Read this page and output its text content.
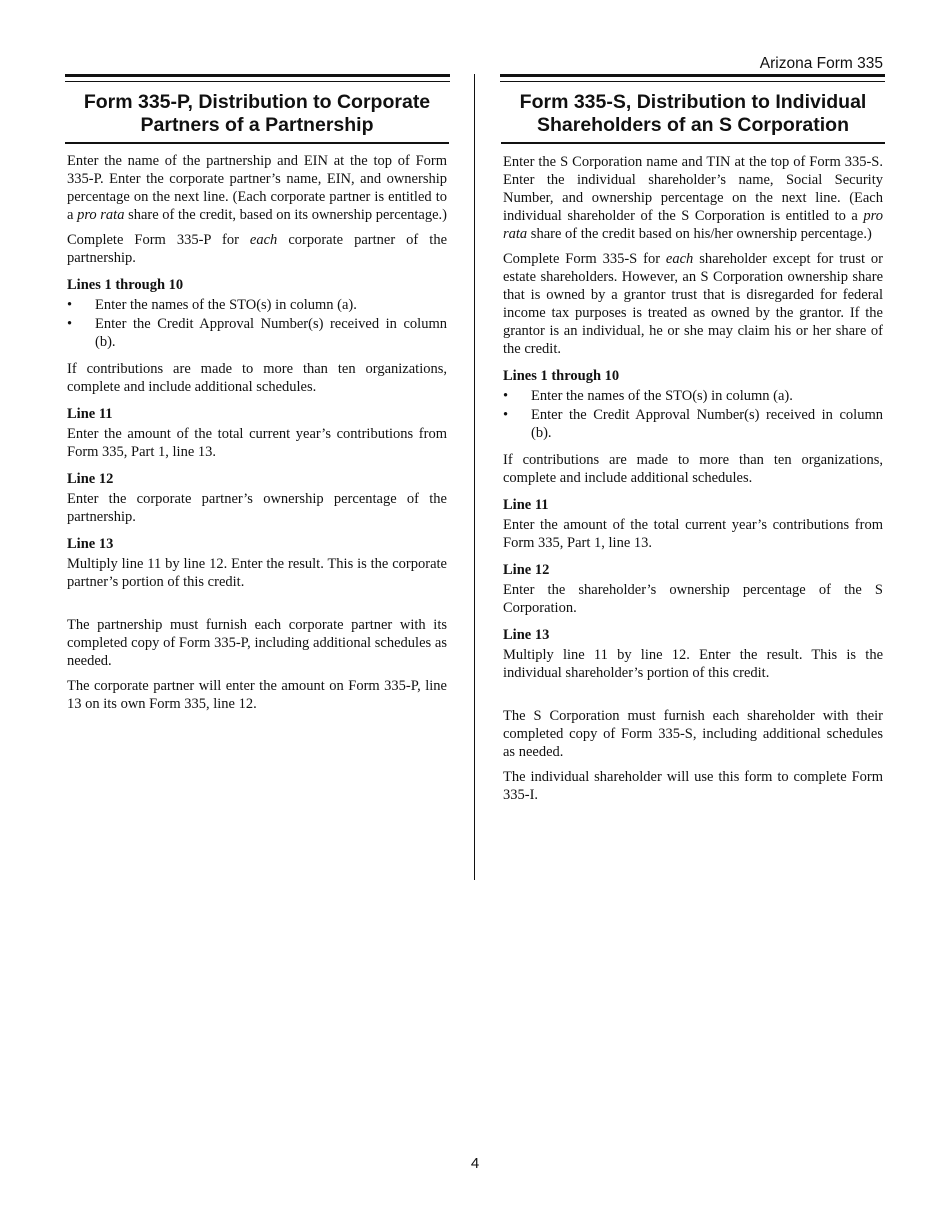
Arizona Form 335
Form 335-P, Distribution to Corporate
Partners of a Partnership

Enter the name of the partnership and EIN at the top of Form 335-P. Enter the corporate partner’s name, EIN, and ownership percentage on the next line. (Each corporate partner is entitled to a pro rata share of the credit, based on its ownership percentage.)

Complete Form 335-P for each corporate partner of the partnership.

Lines 1 through 10
•	Enter the names of the STO(s) in column (a).
•	Enter the Credit Approval Number(s) received in column (b).

If contributions are made to more than ten organizations, complete and include additional schedules.

Line 11

Enter the amount of the total current year’s contributions from Form 335, Part 1, line 13.

Line 12

Enter the corporate partner’s ownership percentage of the partnership.

Line 13

Multiply line 11 by line 12. Enter the result. This is the corporate partner’s portion of this credit.

The partnership must furnish each corporate partner with its completed copy of Form 335-P, including additional schedules as needed.

The corporate partner will enter the amount on Form 335-P, line 13 on its own Form 335, line 12.

Form 335-S, Distribution to Individual
Shareholders of an S Corporation

Enter the S Corporation name and TIN at the top of Form 335-S. Enter the individual shareholder’s name, Social Security Number, and ownership percentage on the next line. (Each individual shareholder of the S Corporation is entitled to a pro rata share of the credit based on his/her ownership percentage.)

Complete Form 335-S for each shareholder except for trust or estate shareholders. However, an S Corporation ownership share that is owned by a grantor trust that is disregarded for federal income tax purposes is treated as owned by the grantor. If the grantor is an individual, he or she may claim his or her share of the credit.

Lines 1 through 10
•	Enter the names of the STO(s) in column (a).
•	Enter the Credit Approval Number(s) received in column (b).

If contributions are made to more than ten organizations, complete and include additional schedules.

Line 11

Enter the amount of the total current year’s contributions from Form 335, Part 1, line 13.

Line 12

Enter the shareholder’s ownership percentage of the S Corporation.

Line 13

Multiply line 11 by line 12. Enter the result. This is the individual shareholder’s portion of this credit.

The S Corporation must furnish each shareholder with their completed copy of Form 335-S, including additional schedules as needed.

The individual shareholder will use this form to complete Form 335-I.

4
